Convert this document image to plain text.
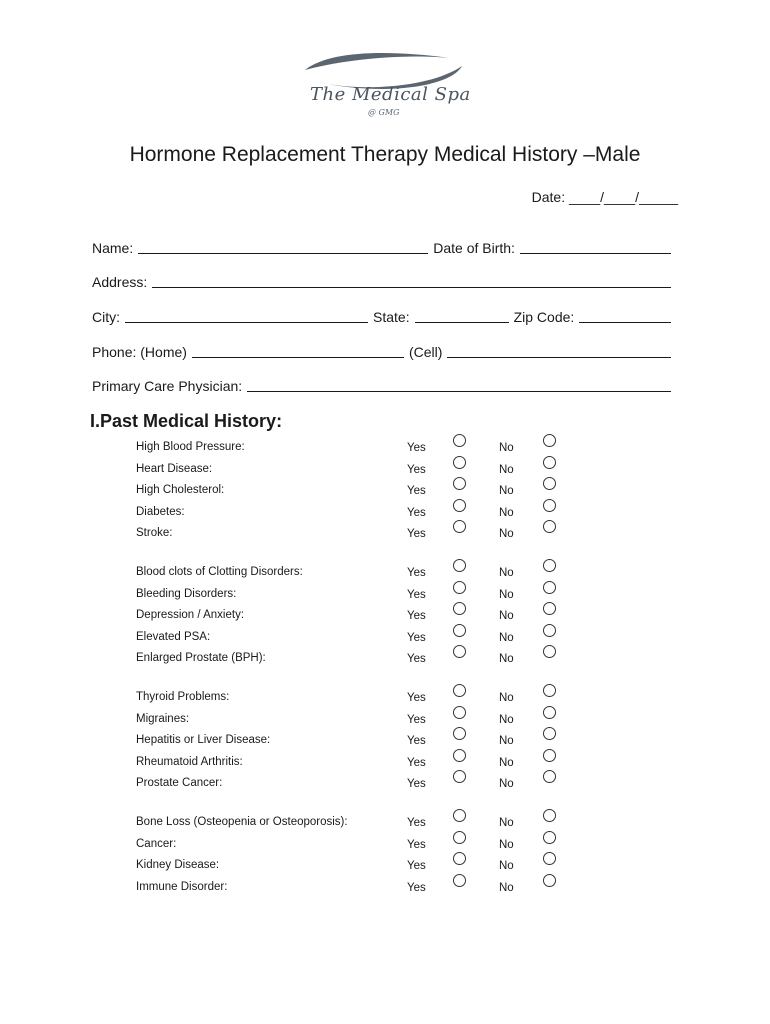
The Medical Spa
@ GMG
Hormone Replacement Therapy Medical History –Male
Date: ____/____/_____
Name:	Date of Birth:
Address:
City:	State:	Zip Code:
Phone: (Home)	(Cell)
Primary Care Physician:
I.Past Medical History:
High Blood Pressure:	Yes	No
Heart Disease:	Yes	No
High Cholesterol:	Yes	No
Diabetes:	Yes	No
Stroke:	Yes	No
Blood clots of Clotting Disorders:	Yes	No
Bleeding Disorders:	Yes	No
Depression / Anxiety:	Yes	No
Elevated PSA:	Yes	No
Enlarged Prostate (BPH):	Yes	No
Thyroid Problems:	Yes	No
Migraines:	Yes	No
Hepatitis or Liver Disease:	Yes	No
Rheumatoid Arthritis:	Yes	No
Prostate Cancer:	Yes	No
Bone Loss (Osteopenia or Osteoporosis):	Yes	No
Cancer:	Yes	No
Kidney Disease:	Yes	No
Immune Disorder:	Yes	No
